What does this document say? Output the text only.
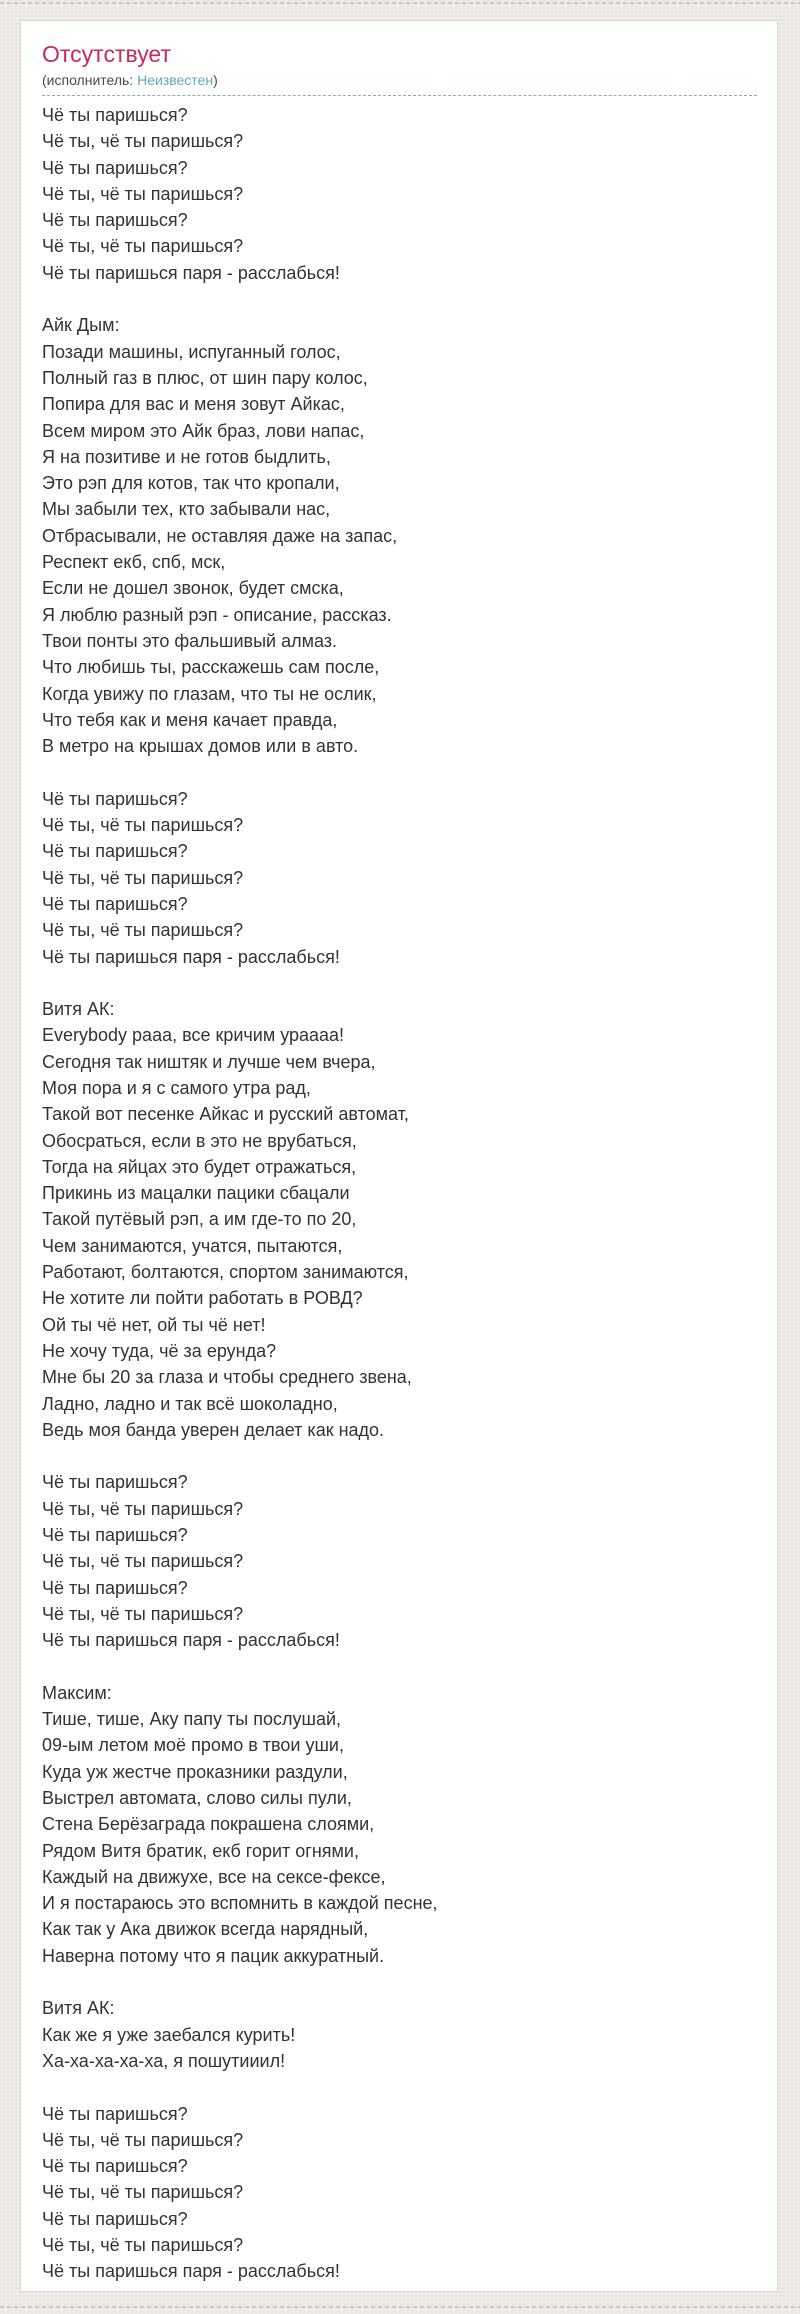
Отсутствует
(исполнитель: Неизвестен)
Чё ты паришься?
Чё ты, чё ты паришься?
Чё ты паришься?
Чё ты, чё ты паришься?
Чё ты паришься?
Чё ты, чё ты паришься?
Чё ты паришься паря - расслабься!
Айк Дым:
Позади машины, испуганный голос,
Полный газ в плюс, от шин пару колос,
Попира для вас и меня зовут Айкас,
Всем миром это Айк браз, лови напас,
Я на позитиве и не готов быдлить,
Это рэп для котов, так что кропали,
Мы забыли тех, кто забывали нас,
Отбрасывали, не оставляя даже на запас,
Респект екб, спб, мск,
Если не дошел звонок, будет смска,
Я люблю разный рэп - описание, рассказ.
Твои понты это фальшивый алмаз.
Что любишь ты, расскажешь сам после,
Когда увижу по глазам, что ты не ослик,
Что тебя как и меня качает правда,
В метро на крышах домов или в авто.
Чё ты паришься?
Чё ты, чё ты паришься?
Чё ты паришься?
Чё ты, чё ты паришься?
Чё ты паришься?
Чё ты, чё ты паришься?
Чё ты паришься паря - расслабься!
Витя АК:
Everybody рааа, все кричим ураааа!
Сегодня так ништяк и лучше чем вчера,
Моя пора и я с самого утра рад,
Такой вот песенке Айкас и русский автомат,
Обосраться, если в это не врубаться,
Тогда на яйцах это будет отражаться,
Прикинь из мацалки пацики сбацали
Такой путёвый рэп, а им где-то по 20,
Чем занимаются, учатся, пытаются,
Работают, болтаются, спортом занимаются,
Не хотите ли пойти работать в РОВД?
Ой ты чё нет, ой ты чё нет!
Не хочу туда, чё за ерунда?
Мне бы 20 за глаза и чтобы среднего звена,
Ладно, ладно и так всё шоколадно,
Ведь моя банда уверен делает как надо.
Чё ты паришься?
Чё ты, чё ты паришься?
Чё ты паришься?
Чё ты, чё ты паришься?
Чё ты паришься?
Чё ты, чё ты паришься?
Чё ты паришься паря - расслабься!
Максим:
Тише, тише, Аку папу ты послушай,
09-ым летом моё промо в твои уши,
Куда уж жестче проказники раздули,
Выстрел автомата, слово силы пули,
Стена Берёзаграда покрашена слоями,
Рядом Витя братик, екб горит огнями,
Каждый на движухе, все на сексе-фексе,
И я постараюсь это вспомнить в каждой песне,
Как так у Ака движок всегда нарядный,
Наверна потому что я пацик аккуратный.
Витя АК:
Как же я уже заебался курить!
Ха-ха-ха-ха-ха, я пошутииил!
Чё ты паришься?
Чё ты, чё ты паришься?
Чё ты паришься?
Чё ты, чё ты паришься?
Чё ты паришься?
Чё ты, чё ты паришься?
Чё ты паришься паря - расслабься!
